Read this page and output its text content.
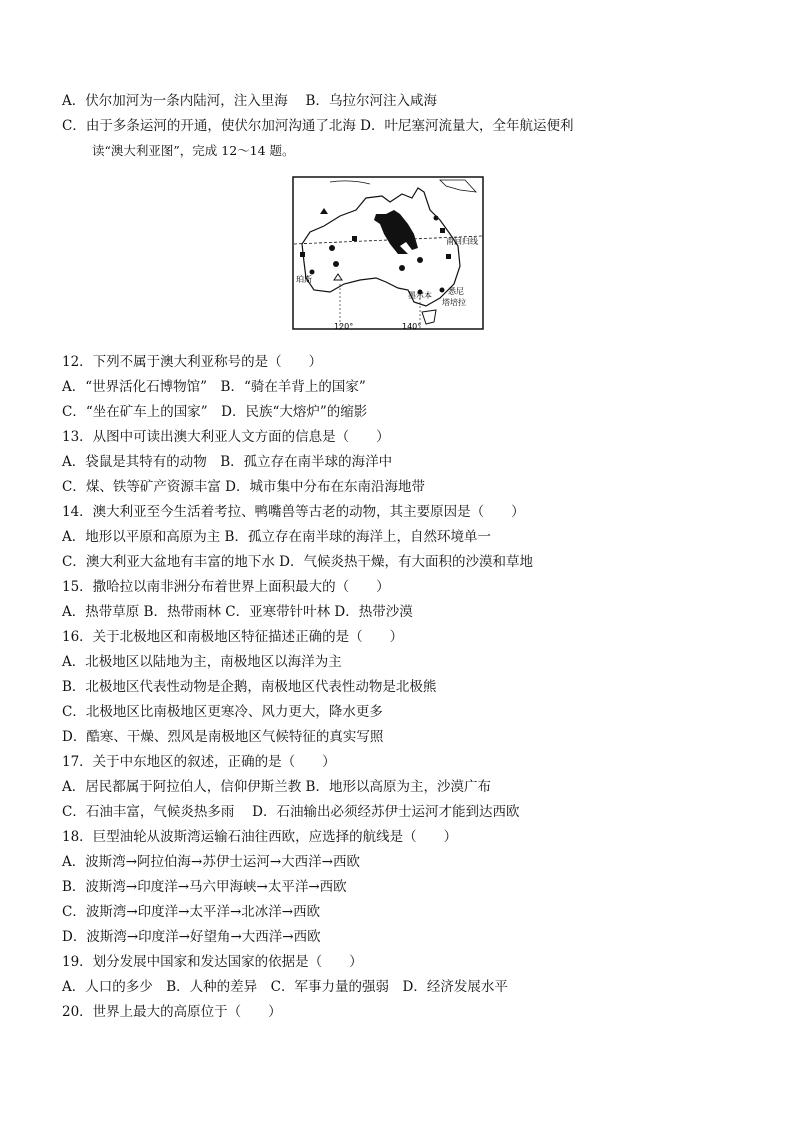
A．伏尔加河为一条内陆河，注入里海　 B．乌拉尔河注入咸海
C．由于多条运河的开通，使伏尔加河沟通了北海 D．叶尼塞河流量大，全年航运便利
读“澳大利亚图”，完成 12～14 题。
南回归线
珀斯
墨尔本 悉尼
塔培拉
120°	140°
12．下列不属于澳大利亚称号的是（　　）
A．“世界活化石博物馆”　B．“骑在羊背上的国家”
C．“坐在矿车上的国家”　D．民族“大熔炉”的缩影
13．从图中可读出澳大利亚人文方面的信息是（　　）
A．袋鼠是其特有的动物　B．孤立存在南半球的海洋中
C．煤、铁等矿产资源丰富 D．城市集中分布在东南沿海地带
14．澳大利亚至今生活着考拉、鸭嘴兽等古老的动物，其主要原因是（　　）
A．地形以平原和高原为主 B．孤立存在南半球的海洋上，自然环境单一
C．澳大利亚大盆地有丰富的地下水 D．气候炎热干燥，有大面积的沙漠和草地
15．撒哈拉以南非洲分布着世界上面积最大的（　　）
A．热带草原 B．热带雨林 C．亚寒带针叶林 D．热带沙漠
16．关于北极地区和南极地区特征描述正确的是（　　）
A．北极地区以陆地为主，南极地区以海洋为主
B．北极地区代表性动物是企鹅，南极地区代表性动物是北极熊
C．北极地区比南极地区更寒冷、风力更大，降水更多
D．酷寒、干燥、烈风是南极地区气候特征的真实写照
17．关于中东地区的叙述，正确的是（　　）
A．居民都属于阿拉伯人，信仰伊斯兰教 B．地形以高原为主，沙漠广布
C．石油丰富，气候炎热多雨　 D．石油输出必须经苏伊士运河才能到达西欧
18．巨型油轮从波斯湾运输石油往西欧，应选择的航线是（　　）
A．波斯湾→阿拉伯海→苏伊士运河→大西洋→西欧
B．波斯湾→印度洋→马六甲海峡→太平洋→西欧
C．波斯湾→印度洋→太平洋→北冰洋→西欧
D．波斯湾→印度洋→好望角→大西洋→西欧
19．划分发展中国家和发达国家的依据是（　　）
A．人口的多少　B．人种的差异　C．军事力量的强弱　D．经济发展水平
20．世界上最大的高原位于（　　）
